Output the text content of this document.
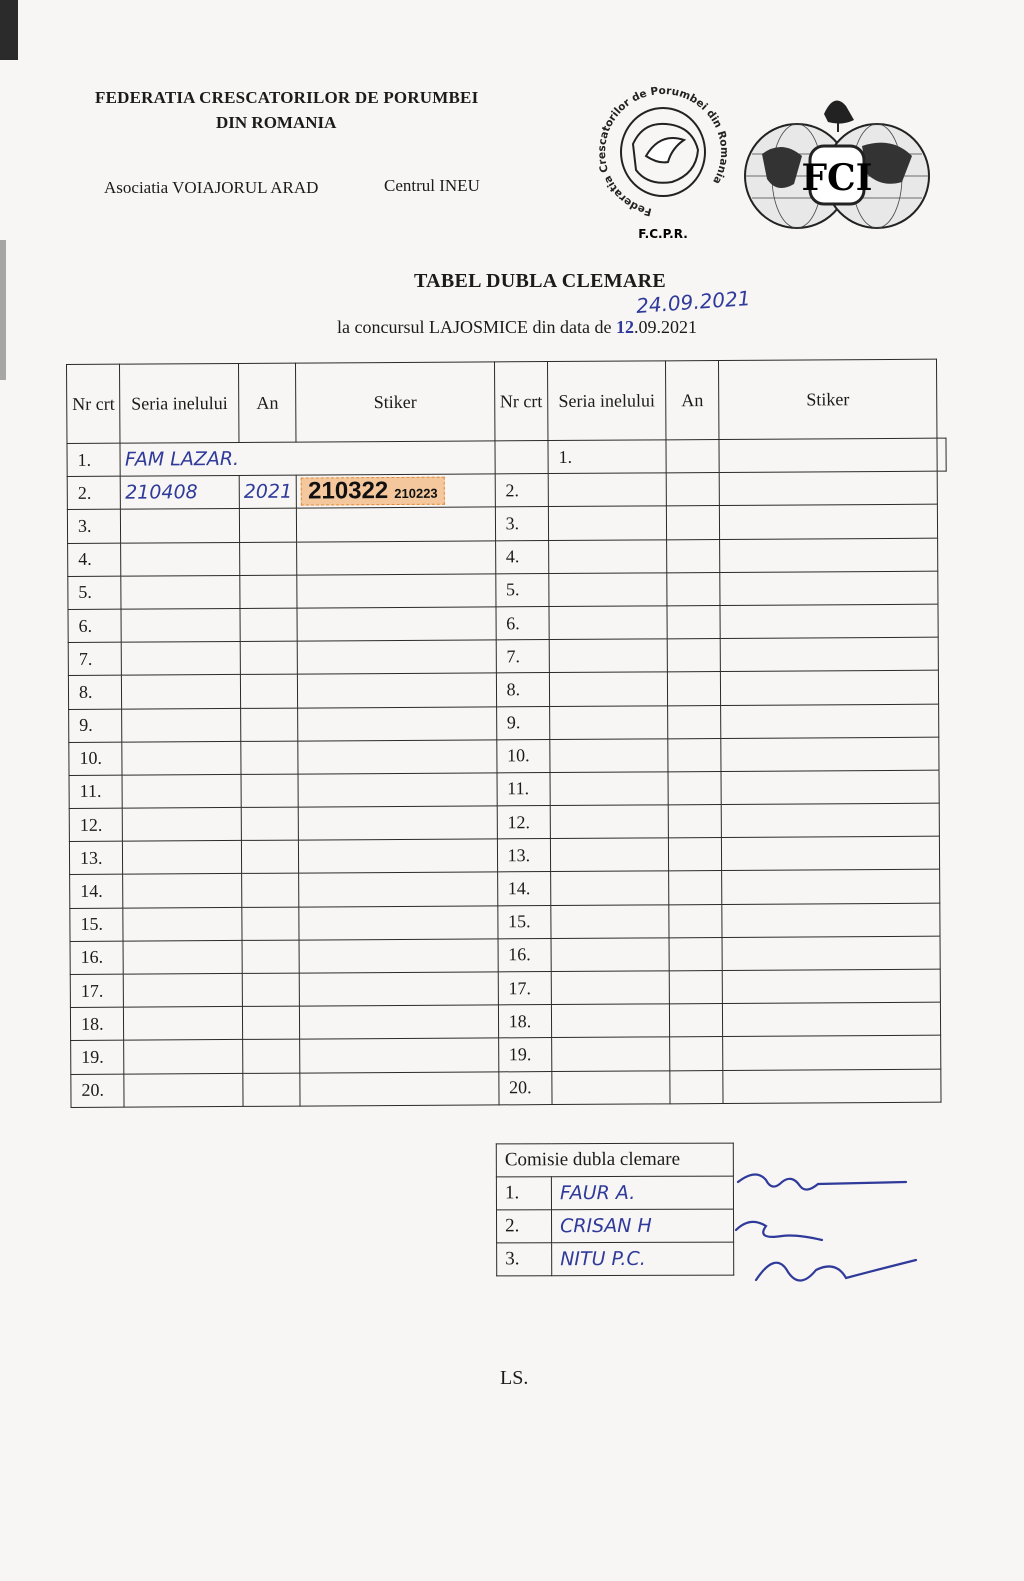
FEDERATIA CRESCATORILOR DE PORUMBEI
DIN ROMANIA
Asociatia VOIAJORUL ARAD	Centrul INEU
Federatia Crescatorilor de Porumbei din Romania
F.C.P.R.
FCI
TABEL DUBLA CLEMARE
24.09.2021
la concursul LAJOSMICE din data de 12.09.2021
Nr crt	Seria inelului	An	Stiker	Nr crt	Seria inelului	An	Stiker	
1.	FAM LAZAR.				1.			
2.	210408	2021	210322 210223	2.				
3.				3.				
4.				4.				
5.				5.				
6.				6.				
7.				7.				
8.				8.				
9.				9.				
10.				10.				
11.				11.				
12.				12.				
13.				13.				
14.				14.				
15.				15.				
16.				16.				
17.				17.				
18.				18.				
19.				19.				
20.				20.				
Comisie dubla clemare	
1.	FAUR A.
2.	CRISAN H
3.	NITU P.C.
LS.
